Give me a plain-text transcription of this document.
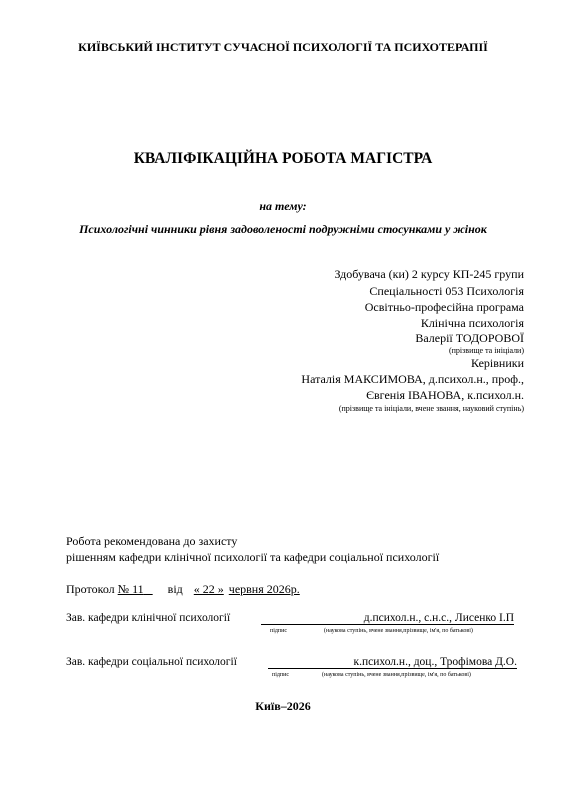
КИЇВСЬКИЙ ІНСТИТУТ СУЧАСНОЇ ПСИХОЛОГІЇ ТА ПСИХОТЕРАПІЇ
КВАЛІФІКАЦІЙНА РОБОТА МАГІСТРА
на тему:
Психологічні чинники рівня задоволеності подружніми стосунками у жінок
Здобувача (ки) 2 курсу КП-245 групи
Спеціальності 053 Психологія
Освітньо-професійна програма
Клінічна психологія
Валерії ТОДОРОВОЇ
(прізвище та ініціали)
Керівники
Наталія МАКСИМОВА, д.психол.н., проф.,
Євгенія ІВАНОВА, к.психол.н.
(прізвище та ініціали, вчене звання, науковий ступінь)
Робота рекомендована до захисту
рішенням кафедри клінічної психології та кафедри соціальної психології
Протокол № 11 від « 22 » червня 2026р.
Зав. кафедри клінічної психології	д.психол.н., с.н.с., Лисенко І.П
підпис	(наукова ступінь, вчене звання,прізвище, ім'я, по батькові)
Зав. кафедри соціальної психології	к.психол.н., доц., Трофімова Д.О.
підпис	(наукова ступінь, вчене звання,прізвище, ім'я, по батькові)
Київ–2026
